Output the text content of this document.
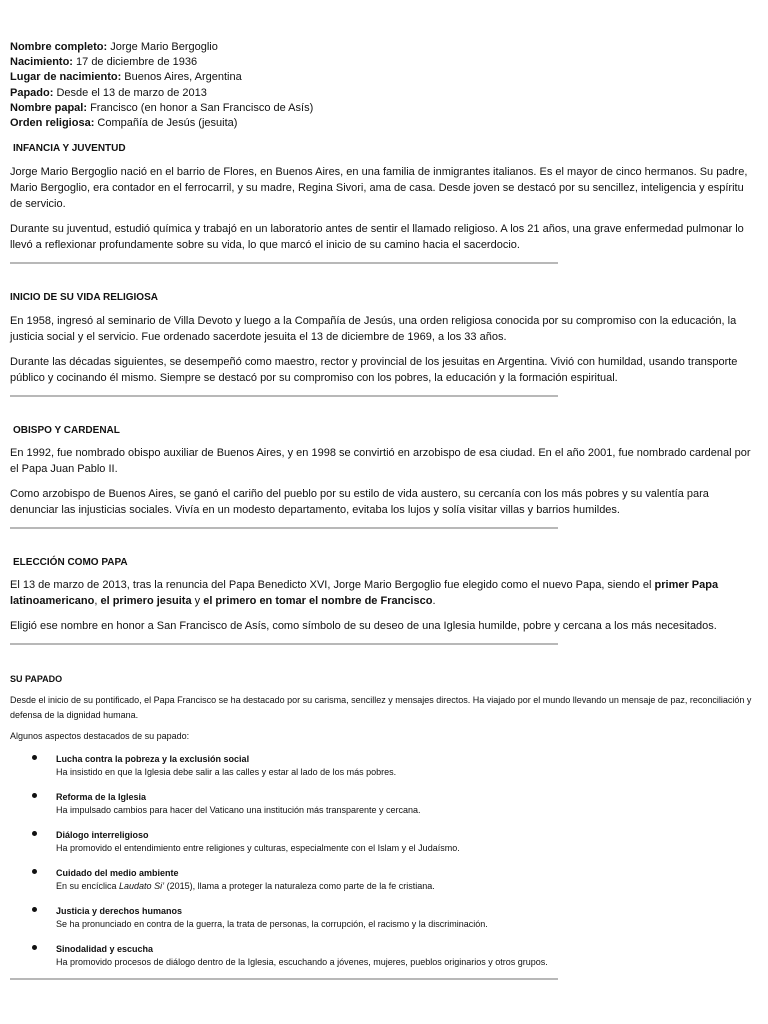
Nombre completo: Jorge Mario Bergoglio

Nacimiento: 17 de diciembre de 1936

Lugar de nacimiento: Buenos Aires, Argentina

Papado: Desde el 13 de marzo de 2013

Nombre papal: Francisco (en honor a San Francisco de Asís)

Orden religiosa: Compañía de Jesús (jesuita)

INFANCIA Y JUVENTUD

Jorge Mario Bergoglio nació en el barrio de Flores, en Buenos Aires, en una familia de inmigrantes italianos. Es el mayor de cinco hermanos. Su padre, Mario Bergoglio, era contador en el ferrocarril, y su madre, Regina Sivori, ama de casa. Desde joven se destacó por su sencillez, inteligencia y espíritu de servicio.

Durante su juventud, estudió química y trabajó en un laboratorio antes de sentir el llamado religioso. A los 21 años, una grave enfermedad pulmonar lo llevó a reflexionar profundamente sobre su vida, lo que marcó el inicio de su camino hacia el sacerdocio.

INICIO DE SU VIDA RELIGIOSA

En 1958, ingresó al seminario de Villa Devoto y luego a la Compañía de Jesús, una orden religiosa conocida por su compromiso con la educación, la justicia social y el servicio. Fue ordenado sacerdote jesuita el 13 de diciembre de 1969, a los 33 años.

Durante las décadas siguientes, se desempeñó como maestro, rector y provincial de los jesuitas en Argentina. Vivió con humildad, usando transporte público y cocinando él mismo. Siempre se destacó por su compromiso con los pobres, la educación y la formación espiritual.

OBISPO Y CARDENAL

En 1992, fue nombrado obispo auxiliar de Buenos Aires, y en 1998 se convirtió en arzobispo de esa ciudad. En el año 2001, fue nombrado cardenal por el Papa Juan Pablo II.

Como arzobispo de Buenos Aires, se ganó el cariño del pueblo por su estilo de vida austero, su cercanía con los más pobres y su valentía para denunciar las injusticias sociales. Vivía en un modesto departamento, evitaba los lujos y solía visitar villas y barrios humildes.

ELECCIÓN COMO PAPA

El 13 de marzo de 2013, tras la renuncia del Papa Benedicto XVI, Jorge Mario Bergoglio fue elegido como el nuevo Papa, siendo el primer Papa latinoamericano, el primero jesuita y el primero en tomar el nombre de Francisco.

Eligió ese nombre en honor a San Francisco de Asís, como símbolo de su deseo de una Iglesia humilde, pobre y cercana a los más necesitados.

SU PAPADO

Desde el inicio de su pontificado, el Papa Francisco se ha destacado por su carisma, sencillez y mensajes directos. Ha viajado por el mundo llevando un mensaje de paz, reconciliación y defensa de la dignidad humana.

Algunos aspectos destacados de su papado:

Lucha contra la pobreza y la exclusión social
Ha insistido en que la Iglesia debe salir a las calles y estar al lado de los más pobres.
Reforma de la Iglesia
Ha impulsado cambios para hacer del Vaticano una institución más transparente y cercana.
Diálogo interreligioso
Ha promovido el entendimiento entre religiones y culturas, especialmente con el Islam y el Judaísmo.
Cuidado del medio ambiente
En su encíclica Laudato Si’ (2015), llama a proteger la naturaleza como parte de la fe cristiana.
Justicia y derechos humanos
Se ha pronunciado en contra de la guerra, la trata de personas, la corrupción, el racismo y la discriminación.
Sinodalidad y escucha
Ha promovido procesos de diálogo dentro de la Iglesia, escuchando a jóvenes, mujeres, pueblos originarios y otros grupos.
